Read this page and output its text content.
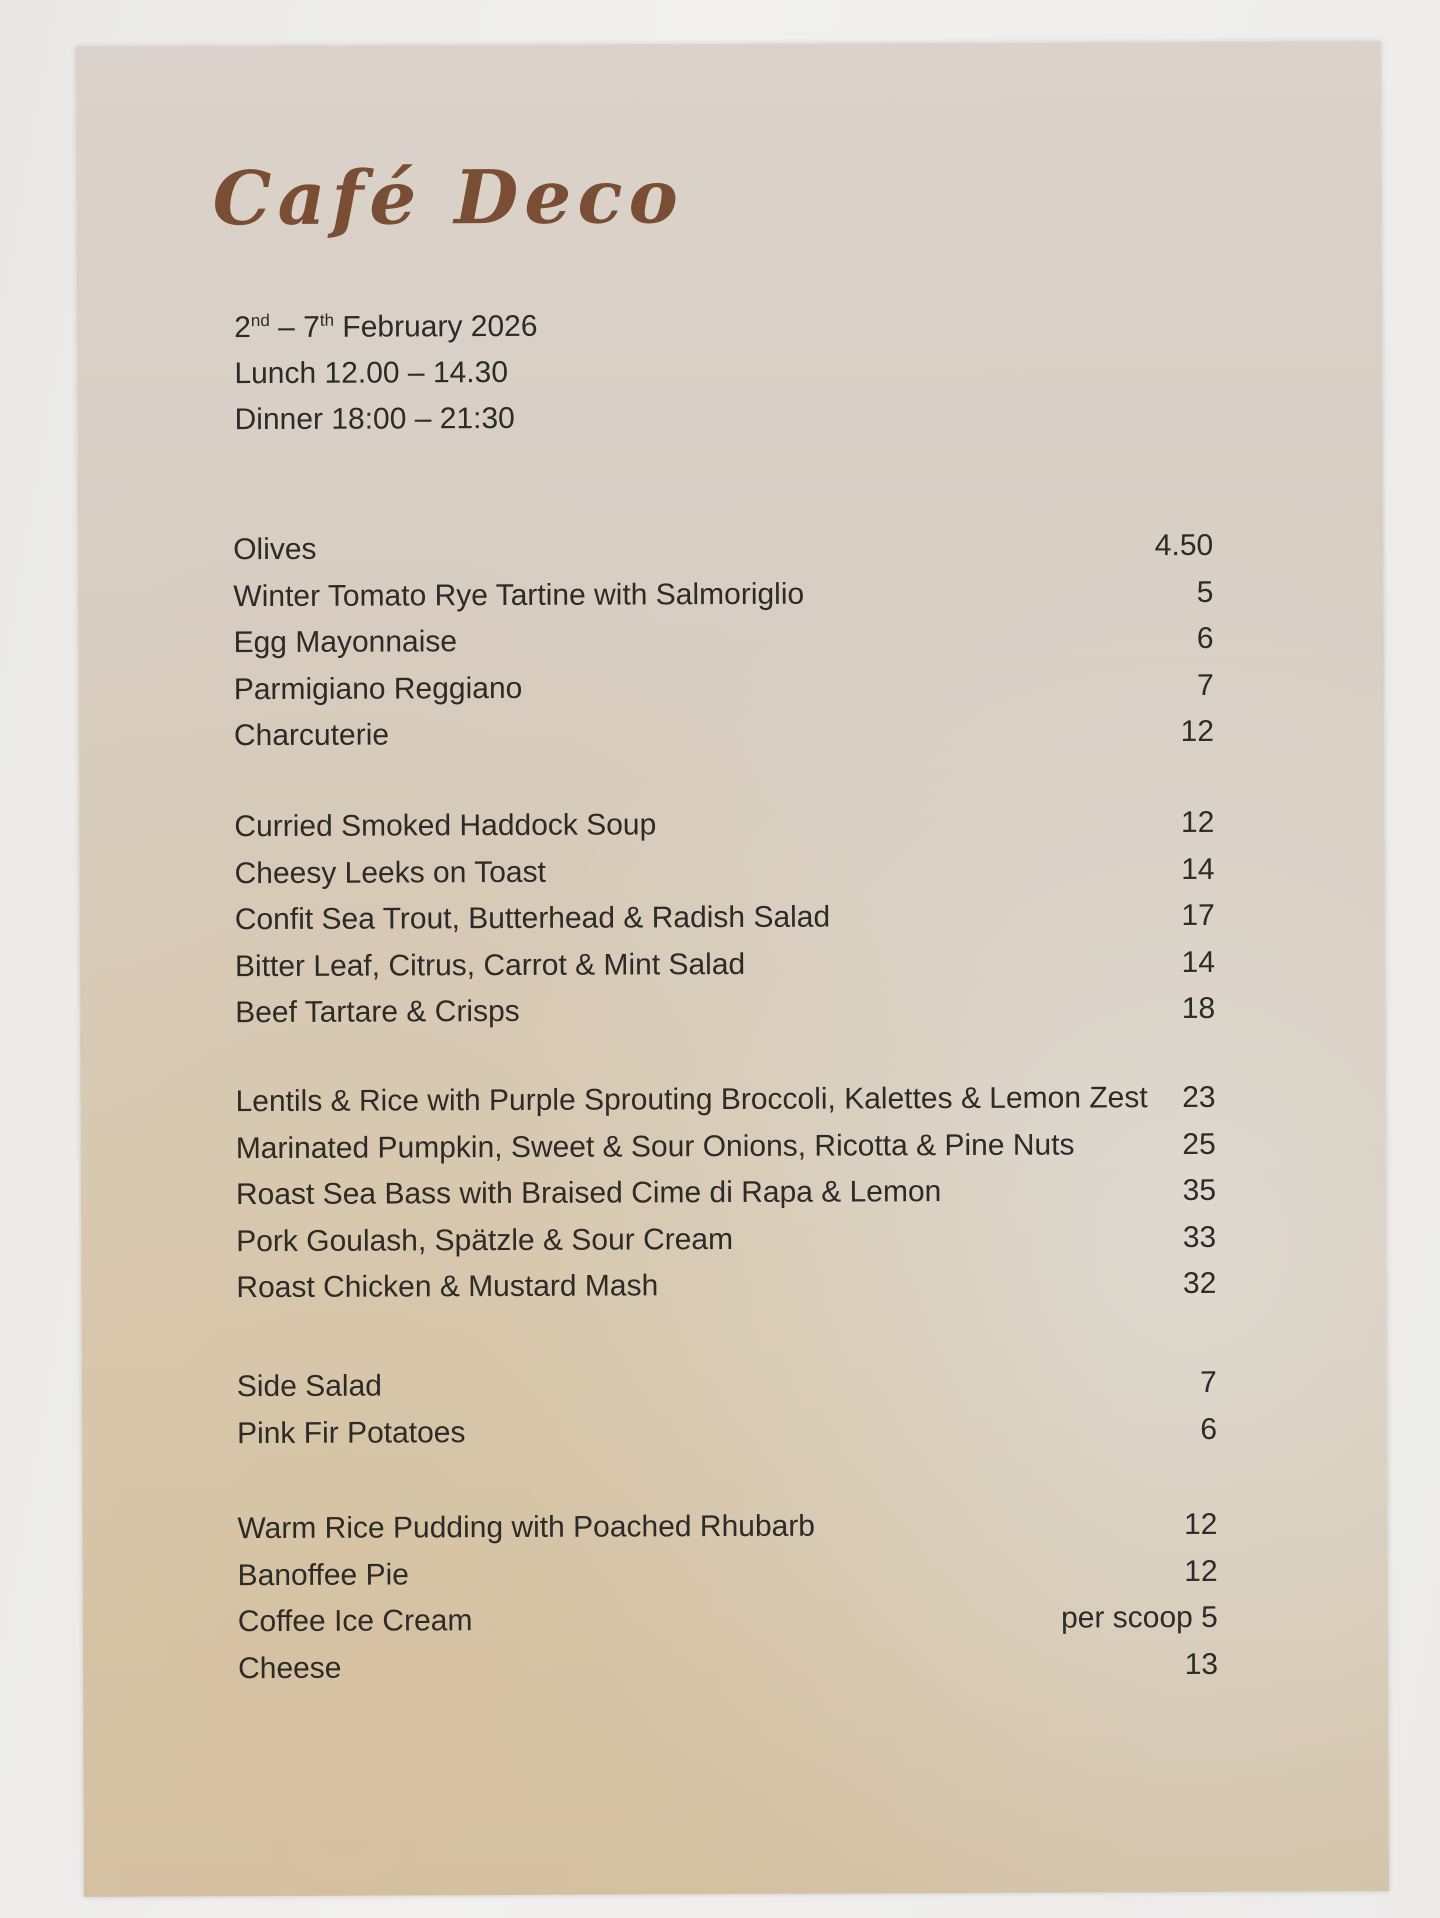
Café Deco
2nd – 7th February 2026
Lunch 12.00 – 14.30
Dinner 18:00 – 21:30
Olives	4.50
Winter Tomato Rye Tartine with Salmoriglio	5
Egg Mayonnaise	6
Parmigiano Reggiano	7
Charcuterie	12
Curried Smoked Haddock Soup	12
Cheesy Leeks on Toast	14
Confit Sea Trout, Butterhead & Radish Salad	17
Bitter Leaf, Citrus, Carrot & Mint Salad	14
Beef Tartare & Crisps	18
Lentils & Rice with Purple Sprouting Broccoli, Kalettes & Lemon Zest 23
Marinated Pumpkin, Sweet & Sour Onions, Ricotta & Pine Nuts	25
Roast Sea Bass with Braised Cime di Rapa & Lemon	35
Pork Goulash, Spätzle & Sour Cream	33
Roast Chicken & Mustard Mash	32
Side Salad	7
Pink Fir Potatoes	6
Warm Rice Pudding with Poached Rhubarb	12
Banoffee Pie	12
Coffee Ice Cream	per scoop 5
Cheese	13
